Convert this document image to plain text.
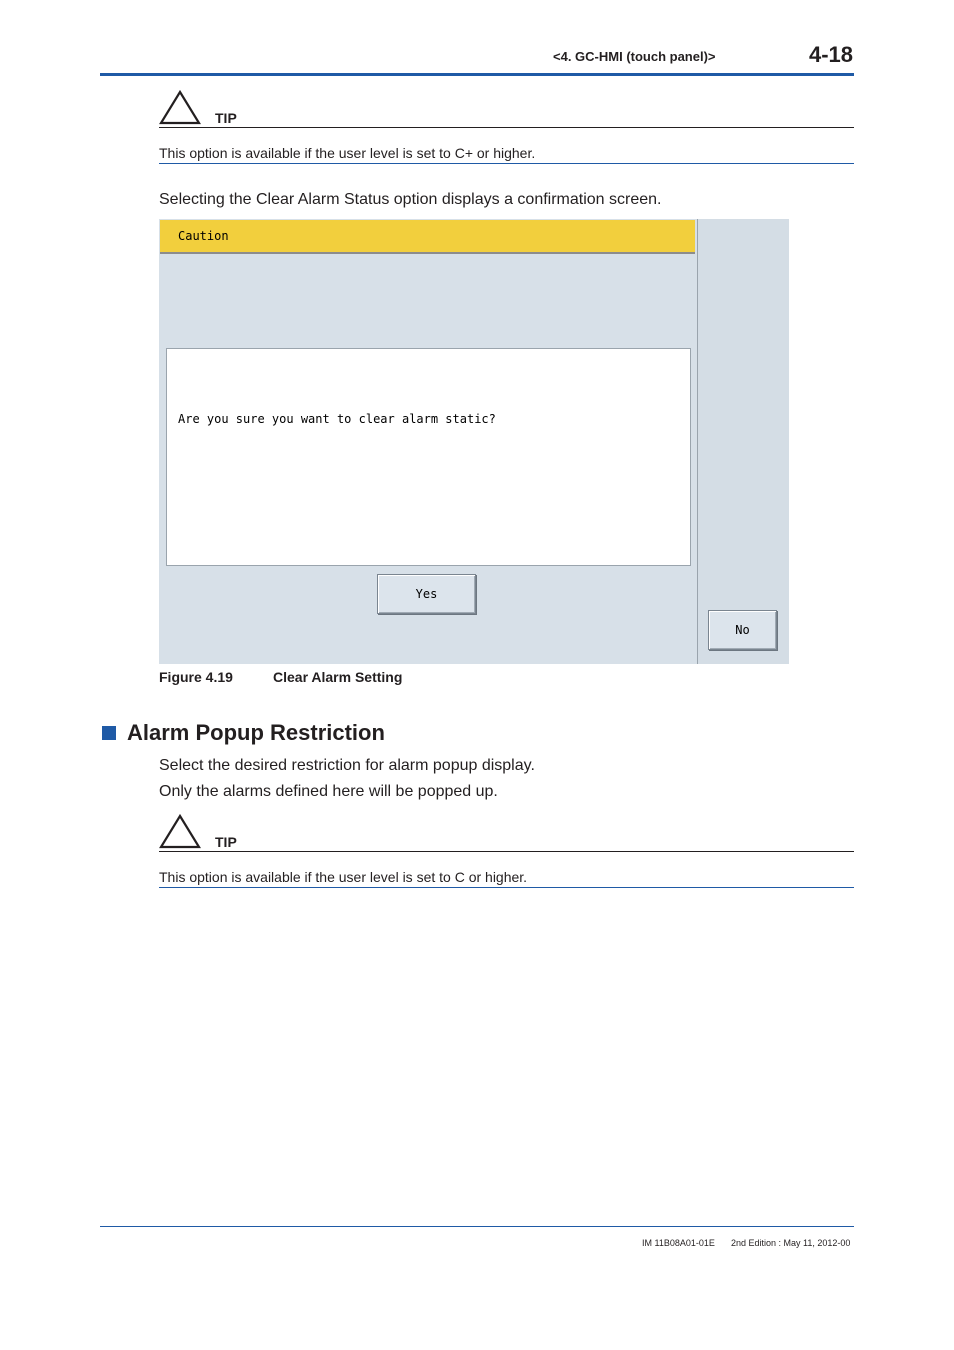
<4. GC-HMI (touch panel)>	4-18
TIP
This option is available if the user level is set to C+ or higher.
Selecting the Clear Alarm Status option displays a confirmation screen.
Caution
Are you sure you want to clear alarm static?
Yes
No
Figure 4.19	Clear Alarm Setting
Alarm Popup Restriction
Select the desired restriction for alarm popup display.
Only the alarms defined here will be popped up.
TIP
This option is available if the user level is set to C or higher.
IM 11B08A01-01E 2nd Edition : May 11, 2012-00
